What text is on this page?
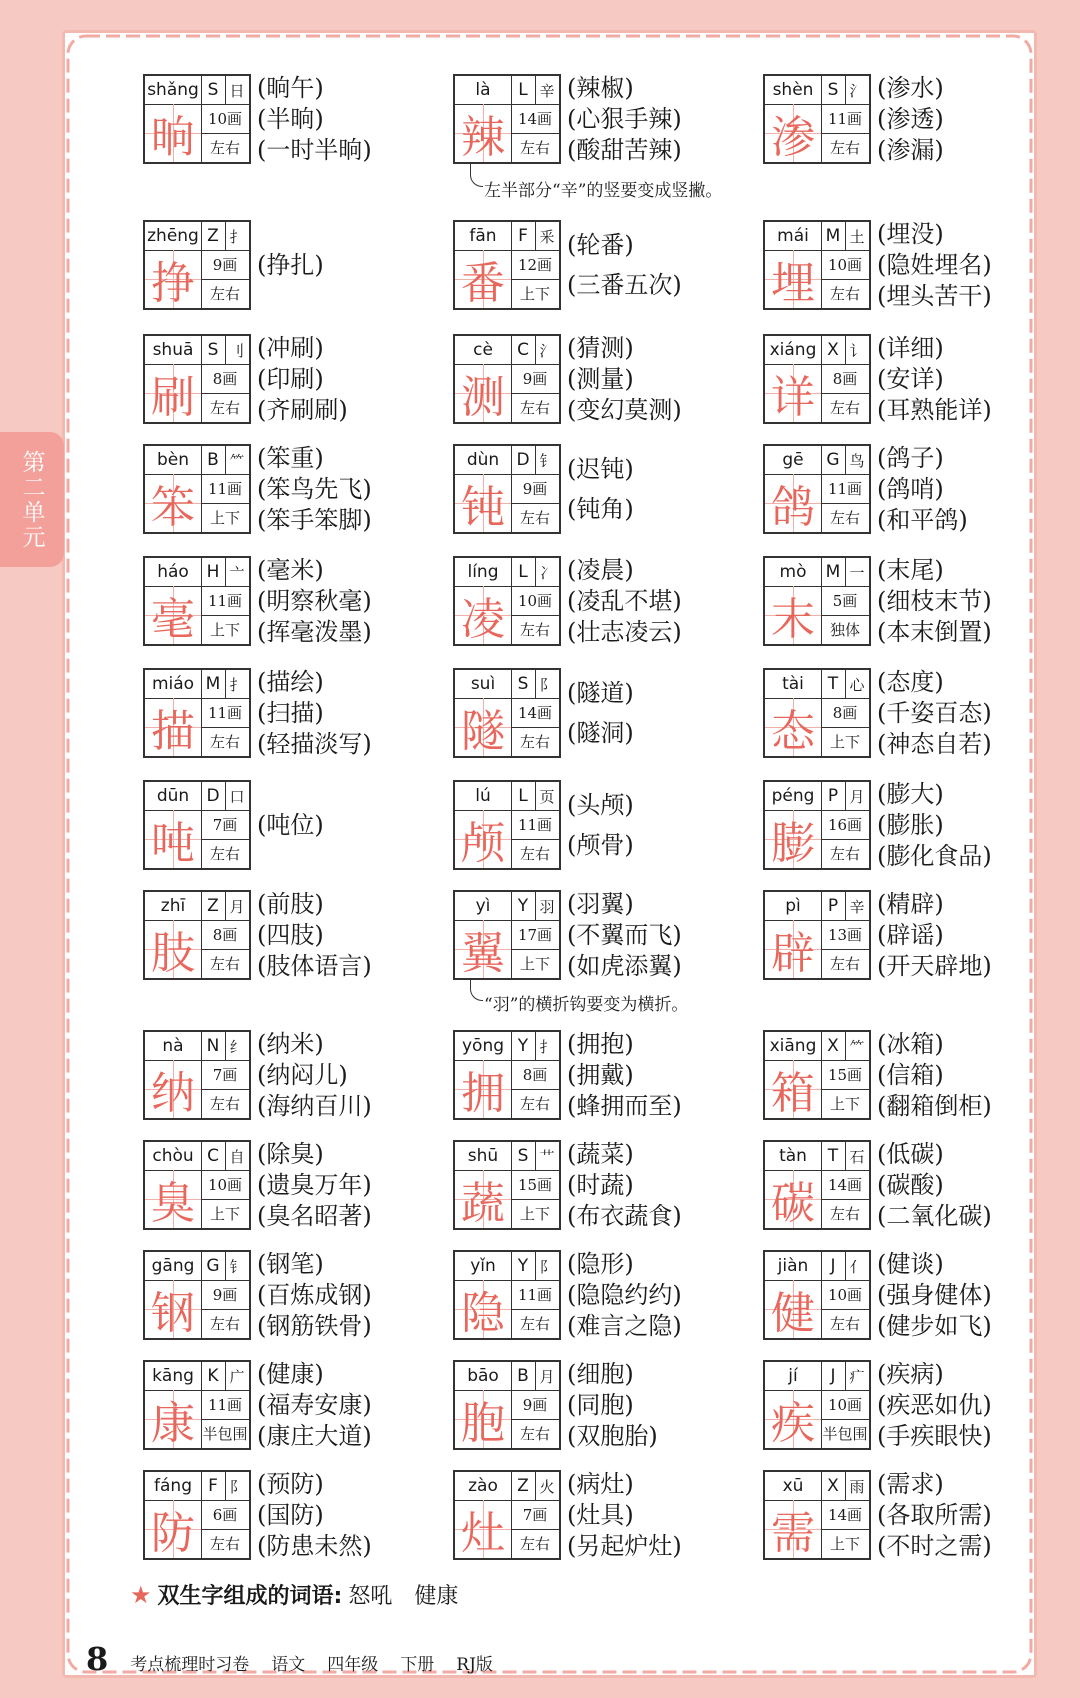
第二单元
shǎng S 日
晌 10画
左右
(晌午)
(半晌)
(一时半晌)
zhēng Z 扌
挣	9画
左右
(挣扎)
shuā S 刂
刷	8画
左右
(冲刷)
(印刷)
(齐刷刷)
bèn	B ⺮
笨 11画
上下
(笨重)
(笨鸟先飞)
(笨手笨脚)
háo	H 亠
毫 11画
上下
(毫米)
(明察秋毫)
(挥毫泼墨)
miáo M 扌
描 11画
左右
(描绘)
(扫描)
(轻描淡写)
dūn	D 口
吨	7画
左右
(吨位)
zhī	Z 月
肢	8画
左右
(前肢)
(四肢)
(肢体语言)
nà	N 纟
纳	7画
左右
(纳米)
(纳闷儿)
(海纳百川)
chòu C 自
臭 10画
上下
(除臭)
(遗臭万年)
(臭名昭著)
gāng G 钅
钢	9画
左右
(钢笔)
(百炼成钢)
(钢筋铁骨)
kāng K 广
康 11画
半包围
(健康)
(福寿安康)
(康庄大道)
fáng F 阝
防	6画
左右
(预防)
(国防)
(防患未然)
là	L 辛
辣 14画
左右
(辣椒)
(心狠手辣)
(酸甜苦辣)
fān	F 釆
番 12画
上下
(轮番)
(三番五次)
cè	C 氵
测	9画
左右
(猜测)
(测量)
(变幻莫测)
dùn	D 钅
钝	9画
左右
(迟钝)
(钝角)
líng	L 冫
凌 10画
左右
(凌晨)
(凌乱不堪)
(壮志凌云)
suì	S 阝
隧 14画
左右
(隧道)
(隧洞)
lú	L 页
颅 11画
左右
(头颅)
(颅骨)
yì	Y 羽
翼 17画
上下
(羽翼)
(不翼而飞)
(如虎添翼)
yōng Y 扌
拥	8画
左右
(拥抱)
(拥戴)
(蜂拥而至)
shū	S 艹
蔬 15画
上下
(蔬菜)
(时蔬)
(布衣蔬食)
yǐn	Y 阝
隐 11画
左右
(隐形)
(隐隐约约)
(难言之隐)
bāo	B 月
胞	9画
左右
(细胞)
(同胞)
(双胞胎)
zào	Z 火
灶	7画
左右
(病灶)
(灶具)
(另起炉灶)
shèn S 氵
渗 11画
左右
(渗水)
(渗透)
(渗漏)
mái M 土
埋 10画
左右
(埋没)
(隐姓埋名)
(埋头苦干)
xiáng X 讠
详	8画
左右
(详细)
(安详)
(耳熟能详)
gē	G 鸟
鸽 11画
左右
(鸽子)
(鸽哨)
(和平鸽)
mò	M 一
末	5画
独体
(末尾)
(细枝末节)
(本末倒置)
tài	T 心
态	8画
上下
(态度)
(千姿百态)
(神态自若)
péng P 月
膨 16画
左右
(膨大)
(膨胀)
(膨化食品)
pì	P 辛
辟 13画
左右
(精辟)
(辟谣)
(开天辟地)
xiāng X ⺮
箱 15画
上下
(冰箱)
(信箱)
(翻箱倒柜)
tàn	T 石
碳 14画
左右
(低碳)
(碳酸)
(二氧化碳)
jiàn	J 亻
健 10画
左右
(健谈)
(强身健体)
(健步如飞)
jí	J 疒
疾 10画
半包围
(疾病)
(疾恶如仇)
(手疾眼快)
xū	X 雨
需 14画
上下
(需求)
(各取所需)
(不时之需)
左半部分“辛”的竖要变成竖撇。
“羽”的横折钩要变为横折。
★ 双生字组成的词语: 怒吼　健康
8 考点梳理时习卷 语文 四年级 下册 RJ版
